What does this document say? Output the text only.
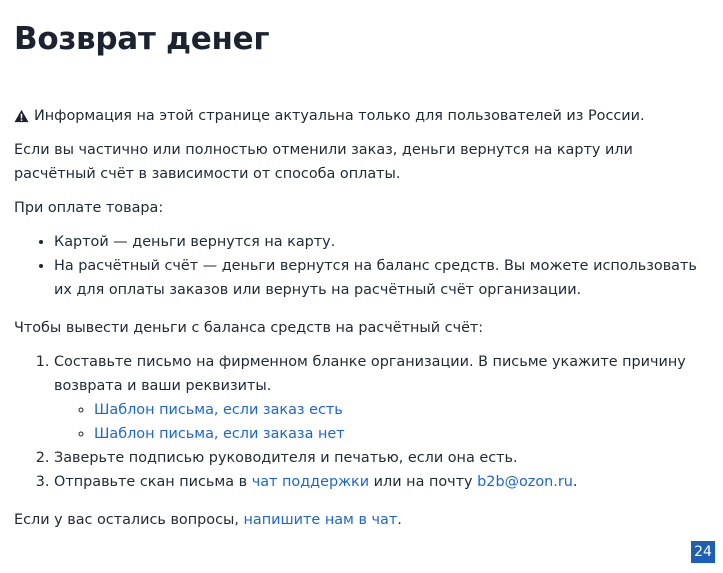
Возврат денег

Информация на этой странице актуальна только для пользователей из России.

Если вы частично или полностью отменили заказ, деньги вернутся на карту или расчётный счёт в зависимости от способа оплаты.

При оплате товара:

• Картой — деньги вернутся на карту.
• На расчётный счёт — деньги вернутся на баланс средств. Вы можете использовать их для оплаты заказов или вернуть на расчётный счёт организации.

Чтобы вывести деньги с баланса средств на расчётный счёт:

1. Составьте письмо на фирменном бланке организации. В письме укажите причину возврата и ваши реквизиты.
◦ Шаблон письма, если заказ есть
◦ Шаблон письма, если заказа нет
2. Заверьте подписью руководителя и печатью, если она есть.
3. Отправьте скан письма в чат поддержки или на почту b2b@ozon.ru.

Если у вас остались вопросы, напишите нам в чат.

24
